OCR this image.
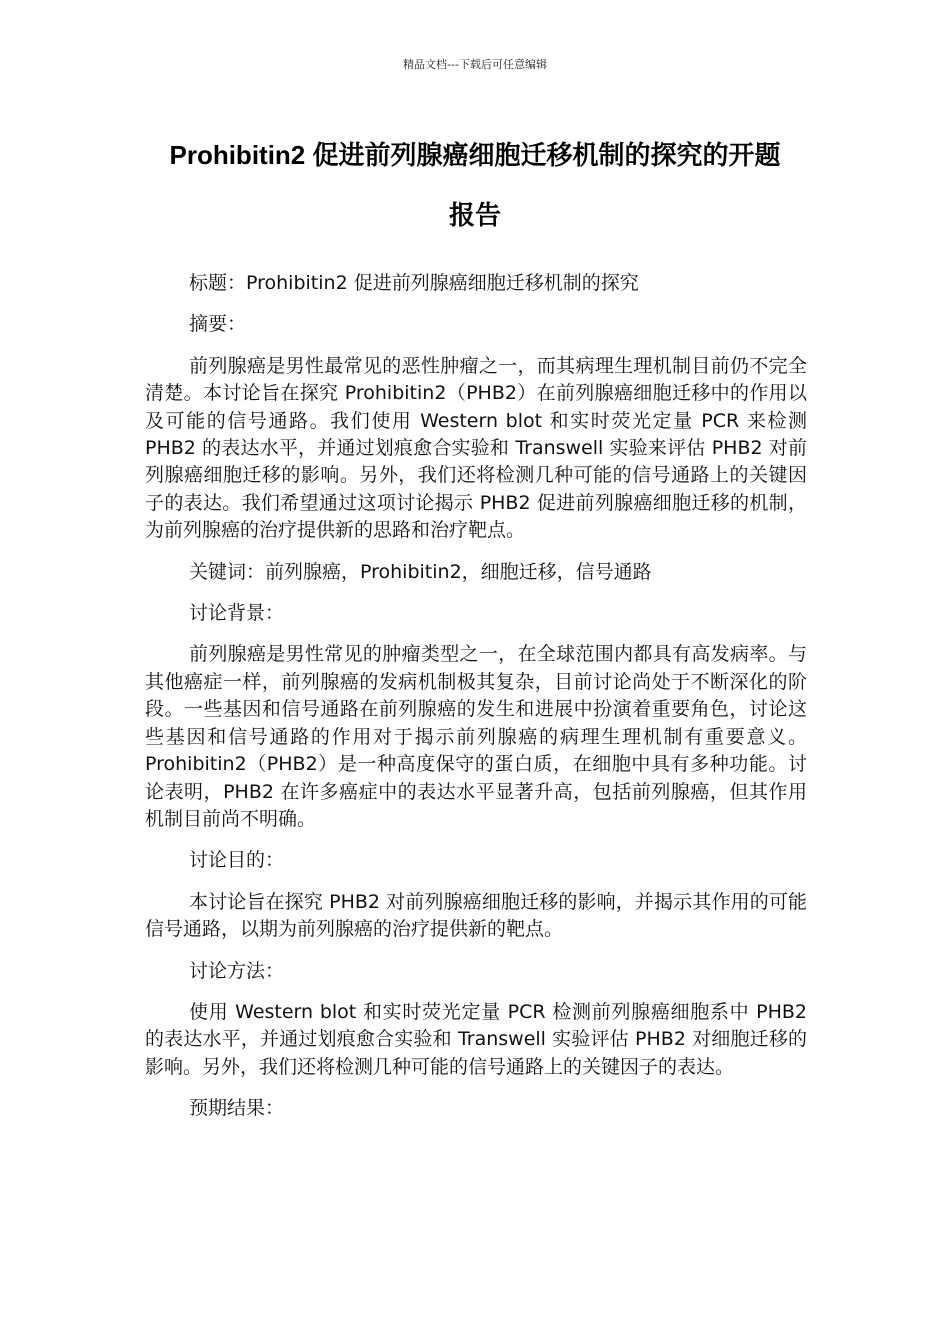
精品文档---下载后可任意编辑
Prohibitin2 促进前列腺癌细胞迁移机制的探究的开题
报告

标题：Prohibitin2 促进前列腺癌细胞迁移机制的探究

摘要：

前列腺癌是男性最常见的恶性肿瘤之一，而其病理生理机制目前仍不完全清楚。本讨论旨在探究 Prohibitin2（PHB2）在前列腺癌细胞迁移中的作用以及可能的信号通路。我们使用 Western blot 和实时荧光定量 PCR 来检测 PHB2 的表达水平，并通过划痕愈合实验和 Transwell 实验来评估 PHB2 对前列腺癌细胞迁移的影响。另外，我们还将检测几种可能的信号通路上的关键因子的表达。我们希望通过这项讨论揭示 PHB2 促进前列腺癌细胞迁移的机制，为前列腺癌的治疗提供新的思路和治疗靶点。

关键词：前列腺癌，Prohibitin2，细胞迁移，信号通路

讨论背景：

前列腺癌是男性常见的肿瘤类型之一，在全球范围内都具有高发病率。与其他癌症一样，前列腺癌的发病机制极其复杂，目前讨论尚处于不断深化的阶段。一些基因和信号通路在前列腺癌的发生和进展中扮演着重要角色，讨论这些基因和信号通路的作用对于揭示前列腺癌的病理生理机制有重要意义。Prohibitin2（PHB2）是一种高度保守的蛋白质，在细胞中具有多种功能。讨论表明，PHB2 在许多癌症中的表达水平显著升高，包括前列腺癌，但其作用机制目前尚不明确。

讨论目的：

本讨论旨在探究 PHB2 对前列腺癌细胞迁移的影响，并揭示其作用的可能信号通路，以期为前列腺癌的治疗提供新的靶点。

讨论方法：

使用 Western blot 和实时荧光定量 PCR 检测前列腺癌细胞系中 PHB2 的表达水平，并通过划痕愈合实验和 Transwell 实验评估 PHB2 对细胞迁移的影响。另外，我们还将检测几种可能的信号通路上的关键因子的表达。

预期结果：
